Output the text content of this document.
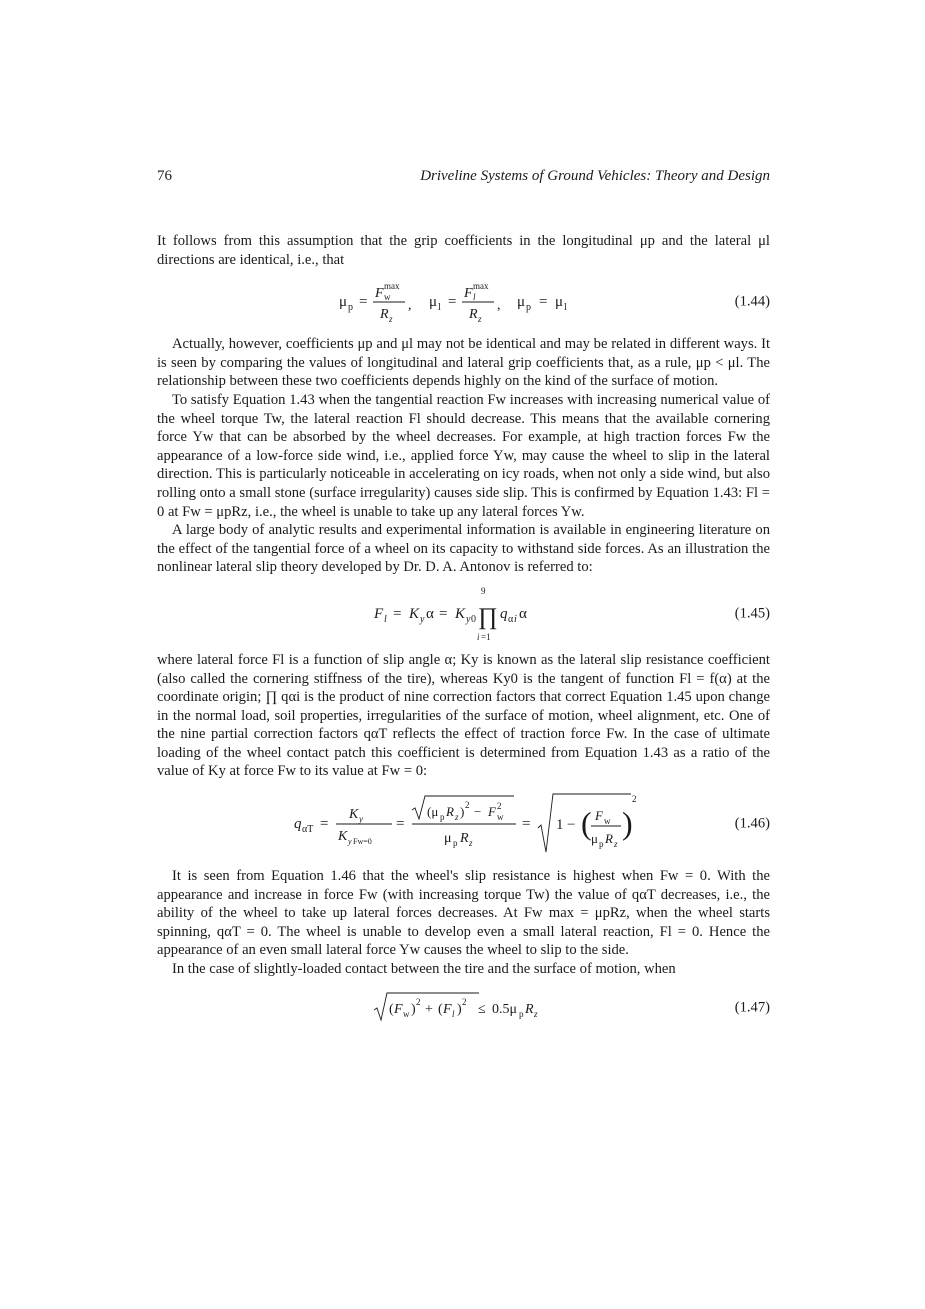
76	Driveline Systems of Ground Vehicles: Theory and Design

It follows from this assumption that the grip coefficients in the longitudinal μp and the lateral μl directions are identical, i.e., that

μ p =
F max
w
R z
, μ l =
F max
l
R z
, μ p = μ l	(1.44)

Actually, however, coefficients μp and μl may not be identical and may be related in different ways. It is seen by comparing the values of longitudinal and lateral grip coefficients that, as a rule, μp < μl. The relationship between these two coefficients depends highly on the kind of the surface of motion.

To satisfy Equation 1.43 when the tangential reaction Fw increases with increasing numerical value of the wheel torque Tw, the lateral reaction Fl should decrease. This means that the available cornering force Yw that can be absorbed by the wheel decreases. For example, at high traction forces Fw the appearance of a low-force side wind, i.e., applied force Yw, may cause the wheel to slip in the lateral direction. This is particularly noticeable in accelerating on icy roads, when not only a side wind, but also rolling onto a small stone (surface irregularity) causes side slip. This is confirmed by Equation 1.43: Fl = 0 at Fw = μpRz, i.e., the wheel is unable to take up any lateral forces Yw.

A large body of analytic results and experimental information is available in engineering literature on the effect of the tangential force of a wheel on its capacity to withstand side forces. As an illustration the nonlinear lateral slip theory developed by Dr. D. A. Antonov is referred to:

F l = K y α = K y 0
9
∏
i =1
q α i α	(1.45)

where lateral force Fl is a function of slip angle α; Ky is known as the lateral slip resistance coefficient (also called the cornering stiffness of the tire), whereas Ky0 is the tangent of function Fl = f(α) at the coordinate origin; ∏ qαi is the product of nine correction factors that correct Equation 1.45 upon change in the normal load, soil properties, irregularities of the surface of motion, wheel alignment, etc. One of the nine partial correction factors qαT reflects the effect of traction force Fw. In the case of ultimate loading of the wheel contact patch this coefficient is determined from Equation 1.43 as a ratio of the value of Ky at force Fw to its value at Fw = 0:

q αT =
K y
K y Fw=0
=
(μ p R z ) 2 − F 2
w
μ p R z
= 1 − ( F w
μ p R z
)
2
(1.46)

It is seen from Equation 1.46 that the wheel's slip resistance is highest when Fw = 0. With the appearance and increase in force Fw (with increasing torque Tw) the value of qαT decreases, i.e., the ability of the wheel to take up lateral forces decreases. At Fw max = μpRz, when the wheel starts spinning, qαT = 0. The wheel is unable to develop even a small lateral reaction, Fl = 0. Hence the appearance of an even small lateral force Yw causes the wheel to slip to the side.

In the case of slightly-loaded contact between the tire and the surface of motion, when

( F w ) 2 + ( F l ) 2 ≤ 0.5μ p R z	(1.47)
